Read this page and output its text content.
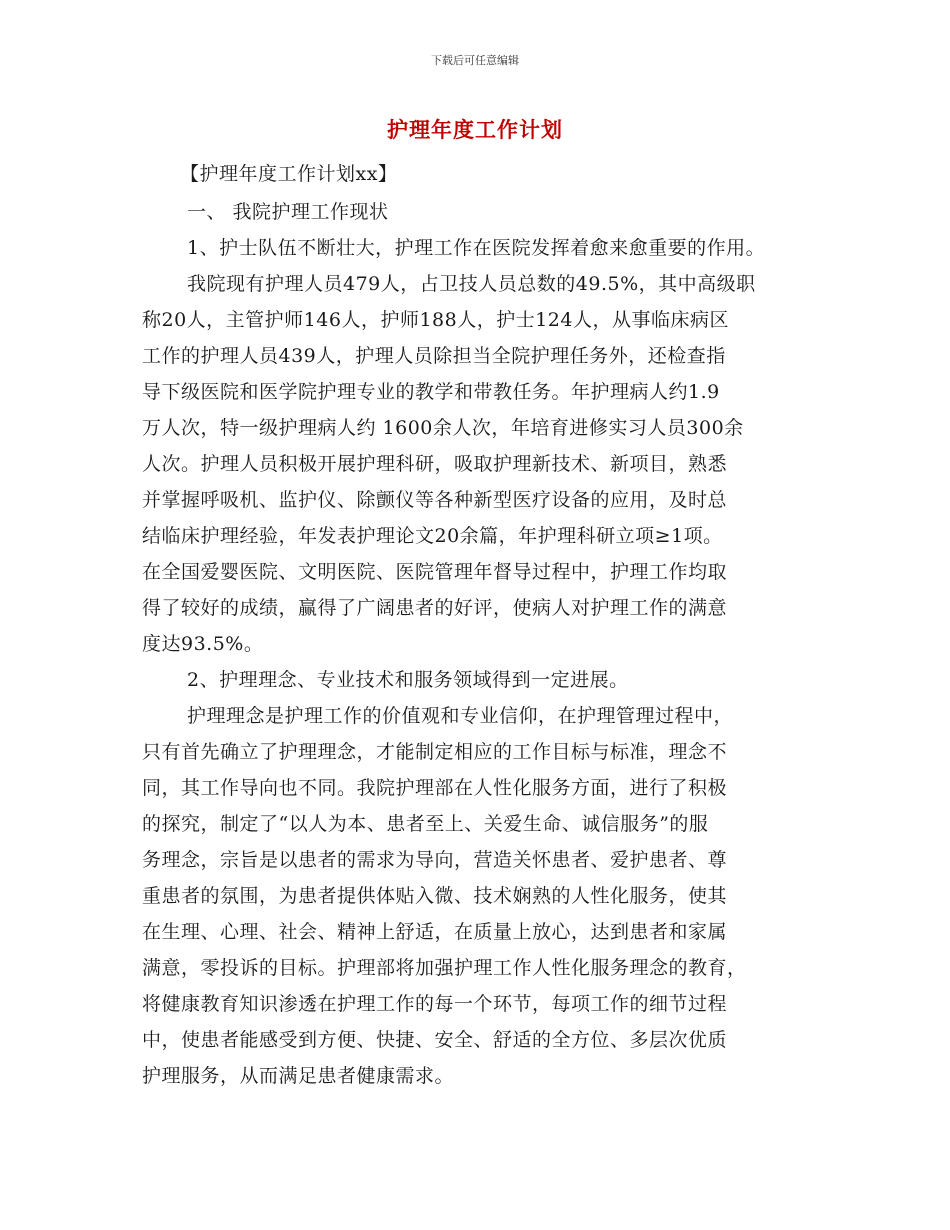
下载后可任意编辑
护理年度工作计划
【护理年度工作计划xx】
一、 我院护理工作现状
1、护士队伍不断壮大，护理工作在医院发挥着愈来愈重要的作用。
我院现有护理人员479人，占卫技人员总数的49.5%，其中高级职
称20人，主管护师146人，护师188人，护士124人，从事临床病区
工作的护理人员439人，护理人员除担当全院护理任务外，还检查指
导下级医院和医学院护理专业的教学和带教任务。年护理病人约1.9
万人次，特一级护理病人约 1600余人次，年培育进修实习人员300余
人次。护理人员积极开展护理科研，吸取护理新技术、新项目，熟悉
并掌握呼吸机、监护仪、除颤仪等各种新型医疗设备的应用，及时总
结临床护理经验，年发表护理论文20余篇，年护理科研立项≥1项。
在全国爱婴医院、文明医院、医院管理年督导过程中，护理工作均取
得了较好的成绩，赢得了广阔患者的好评，使病人对护理工作的满意
度达93.5%。
2、护理理念、专业技术和服务领域得到一定进展。
护理理念是护理工作的价值观和专业信仰，在护理管理过程中，
只有首先确立了护理理念，才能制定相应的工作目标与标准，理念不
同，其工作导向也不同。我院护理部在人性化服务方面，进行了积极
的探究，制定了“以人为本、患者至上、关爱生命、诚信服务”的服
务理念，宗旨是以患者的需求为导向，营造关怀患者、爱护患者、尊
重患者的氛围，为患者提供体贴入微、技术娴熟的人性化服务，使其
在生理、心理、社会、精神上舒适，在质量上放心，达到患者和家属
满意，零投诉的目标。护理部将加强护理工作人性化服务理念的教育，
将健康教育知识渗透在护理工作的每一个环节，每项工作的细节过程
中，使患者能感受到方便、快捷、安全、舒适的全方位、多层次优质
护理服务，从而满足患者健康需求。
